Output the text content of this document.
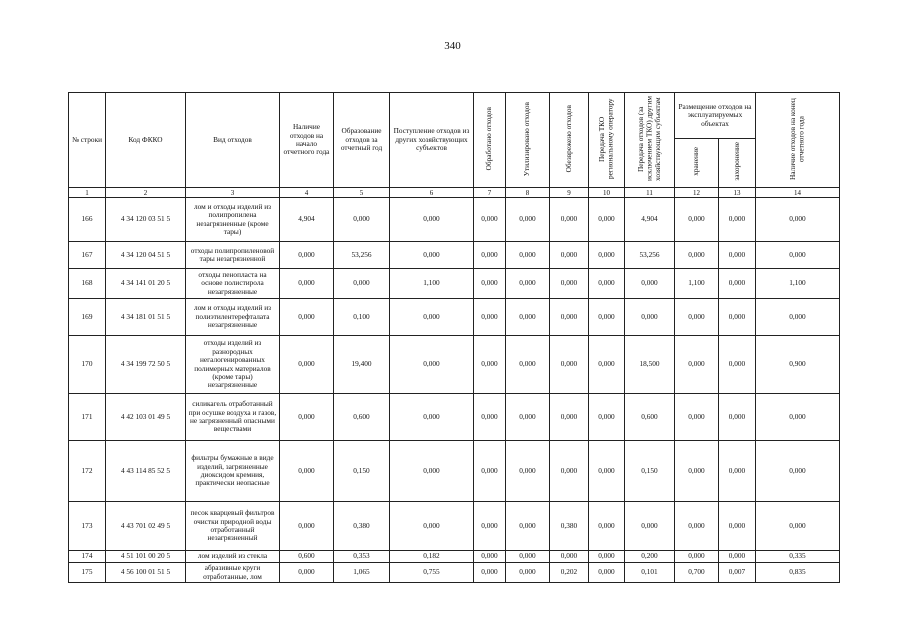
340
№ строки	Код ФККО	Вид отходов	Наличие отходов на начало отчетного года	Образование отходов за отчетный год	Поступление отходов из других хозяйствующих субъектов	Обработано отходов	Утилизировано отходов	Обезврежено отходов	Передача ТКО региональному оператору	Передача отходов (за исключением ТКО) другим хозяйствующим субъектам	Размещение отходов на эксплуатируемых объектах		Наличие отходов на конец отчетного года
											хранение	захоронение	
1	2	3	4	5	6	7	8	9	10	11	12	13	14
166	4 34 120 03 51 5	лом и отходы изделий из полипропилена незагрязненные (кроме тары)	4,904	0,000	0,000	0,000	0,000	0,000	0,000	4,904	0,000	0,000	0,000
167	4 34 120 04 51 5	отходы полипропиленовой тары незагрязненной	0,000	53,256	0,000	0,000	0,000	0,000	0,000	53,256	0,000	0,000	0,000
168	4 34 141 01 20 5	отходы пенопласта на основе полистирола незагрязненные	0,000	0,000	1,100	0,000	0,000	0,000	0,000	0,000	1,100	0,000	1,100
169	4 34 181 01 51 5	лом и отходы изделий из полиэтилентерефталата незагрязненные	0,000	0,100	0,000	0,000	0,000	0,000	0,000	0,000	0,000	0,000	0,000
170	4 34 199 72 50 5	отходы изделий из разнородных негалогенированных полимерных материалов (кроме тары) незагрязненные	0,000	19,400	0,000	0,000	0,000	0,000	0,000	18,500	0,000	0,000	0,900
171	4 42 103 01 49 5	силикагель отработанный при осушке воздуха и газов, не загрязненный опасными веществами	0,000	0,600	0,000	0,000	0,000	0,000	0,000	0,600	0,000	0,000	0,000
172	4 43 114 85 52 5	фильтры бумажные в виде изделий, загрязненные диоксидом кремния, практически неопасные	0,000	0,150	0,000	0,000	0,000	0,000	0,000	0,150	0,000	0,000	0,000
173	4 43 701 02 49 5	песок кварцевый фильтров очистки природной воды отработанный незагрязненный	0,000	0,380	0,000	0,000	0,000	0,380	0,000	0,000	0,000	0,000	0,000
174	4 51 101 00 20 5	лом изделий из стекла	0,600	0,353	0,182	0,000	0,000	0,000	0,000	0,200	0,000	0,000	0,335
175	4 56 100 01 51 5	абразивные круги отработанные, лом	0,000	1,065	0,755	0,000	0,000	0,202	0,000	0,101	0,700	0,007	0,835
